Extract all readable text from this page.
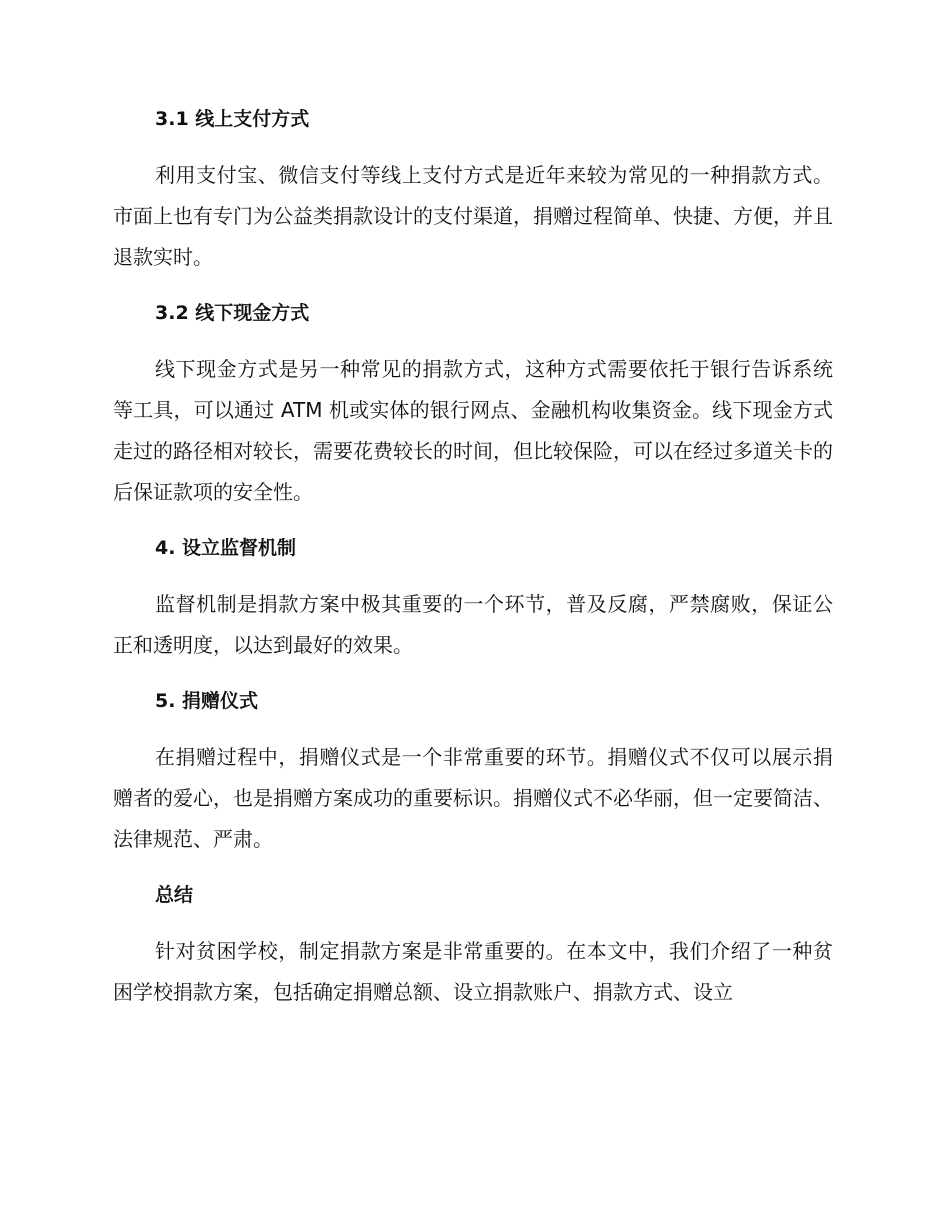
3.1 线上支付方式

利用支付宝、微信支付等线上支付方式是近年来较为常见的一种捐款方式。市面上也有专门为公益类捐款设计的支付渠道，捐赠过程简单、快捷、方便，并且退款实时。

3.2 线下现金方式

线下现金方式是另一种常见的捐款方式，这种方式需要依托于银行告诉系统等工具，可以通过 ATM 机或实体的银行网点、金融机构收集资金。线下现金方式走过的路径相对较长，需要花费较长的时间，但比较保险，可以在经过多道关卡的后保证款项的安全性。

4. 设立监督机制

监督机制是捐款方案中极其重要的一个环节，普及反腐，严禁腐败，保证公正和透明度，以达到最好的效果。

5. 捐赠仪式

在捐赠过程中，捐赠仪式是一个非常重要的环节。捐赠仪式不仅可以展示捐赠者的爱心，也是捐赠方案成功的重要标识。捐赠仪式不必华丽，但一定要简洁、法律规范、严肃。

总结

针对贫困学校，制定捐款方案是非常重要的。在本文中，我们介绍了一种贫困学校捐款方案，包括确定捐赠总额、设立捐款账户、捐款方式、设立
